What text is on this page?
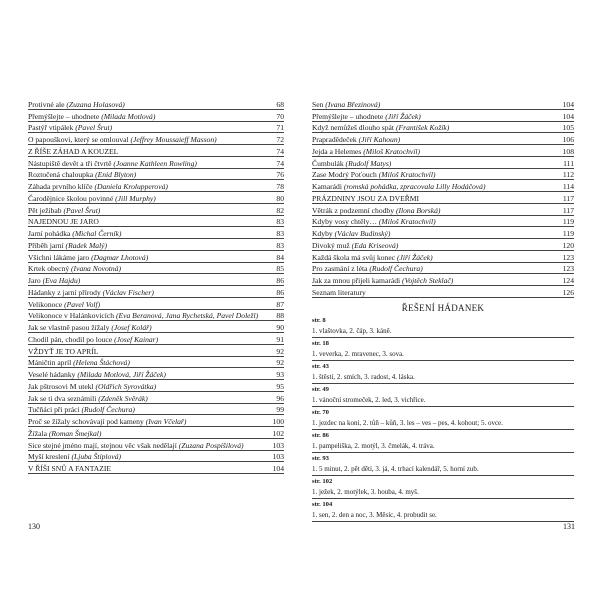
Protivné ale (Zuzana Holasová)	68
Přemýšlejte – uhodnete (Milada Motlová)	70
Pastýř vtipálek (Pavel Šrut)	71
O papouškovi, který se omlouval (Jeffrey Moussaieff Masson)	72
Z ŘÍŠE ZÁHAD A KOUZEL	74
Nástupiště devět a tři čtvrtě (Joanne Kathleen Rowling)	74
Roztočená chaloupka (Enid Blyton)	76
Záhada prvního klíče (Daniela Krolupperová)	78
Čarodějnice školou povinné (Jill Murphy)	80
Pět ježibab (Pavel Šrut)	82
NAJEDNOU JE JARO	83
Jarní pohádka (Michal Černík)	83
Příběh jarní (Radek Malý)	83
Všichni lákáme jaro (Dagmar Lhotová)	84
Krtek obecný (Ivana Novotná)	85
Jaro (Eva Hajdu)	86
Hádanky z jarní přírody (Václav Fischer)	86
Velikonoce (Pavel Volf)	87
Velikonoce v Halánkovicích (Eva Beranová, Jana Rychetská, Pavel Doležl)	88
Jak se vlastně pasou žížaly (Josef Kolář)	90
Chodil pán, chodil po louce (Josef Kainar)	91
VŽDYŤ JE TO APRÍL	92
Máničtin apríl (Helena Štáchová)	92
Veselé hádanky (Milada Motlová, Jiří Žáček)	93
Jak pštrosovi M utekl (Oldřich Syrovátka)	95
Jak se ti dva seznámili (Zdeněk Svěrák)	96
Tučňáci při práci (Rudolf Čechura)	99
Proč se žížaly schovávají pod kameny (Ivan Včelař)	100
Žížala (Roman Šmejkal)	102
Sice stejné jméno mají, stejnou věc však nedělají (Zuzana Pospíšilová)	103
Myší kreslení (Ljuba Štíplová)	103
V ŘÍŠI SNŮ A FANTAZIE	104
130
Sen (Ivana Březinová)	104
Přemýšlejte – uhodnete (Jiří Žáček)	104
Když nemůžeš dlouho spát (František Kožík)	105
Prapradědeček (Jiří Kahoun)	106
Jejda a Helemes (Miloš Kratochvíl)	108
Čumbulák (Rudolf Matys)	111
Zase Modrý Poťouch (Miloš Kratochvíl)	112
Kamarádi (romská pohádka, zpracovala Lilly Hodáčová)	114
PRÁZDNINY JSOU ZA DVEŘMI	117
Větrák z podzemní chodby (Ilona Borská)	117
Kdyby vosy chtěly… (Miloš Kratochvíl)	119
Kdyby (Václav Budinský)	119
Divoký muž (Eda Kriseová)	120
Každá škola má svůj konec (Jiří Žáček)	123
Pro zasmání z léta (Rudolf Čechura)	123
Jak za mnou přijeli kamarádi (Vojtěch Steklač)	124
Seznam literatury	126
ŘEŠENÍ HÁDANEK
str. 8
1. vlaštovka, 2. čáp, 3. káně.
str. 18
1. veverka, 2. mravenec, 3. sova.
str. 43
1. štěstí, 2. smích, 3. radost, 4. láska.
str. 49
1. vánoční stromeček, 2. led, 3. vichřice.
str. 70
1. jezdec na koni, 2. tůň – kůň, 3. les – ves – pes, 4. kohout; 5. ovce.
str. 86
1. pampeliška, 2. motýl, 3. čmelák, 4. tráva.
str. 93
1. 5 minut, 2. pět dětí, 3. já, 4. trhací kalendář, 5. horní zub.
str. 102
1. ježek, 2. motýlek, 3. houba, 4. myš.
str. 104
1. sen, 2. den a noc, 3. Měsíc, 4. probudit se.
131
